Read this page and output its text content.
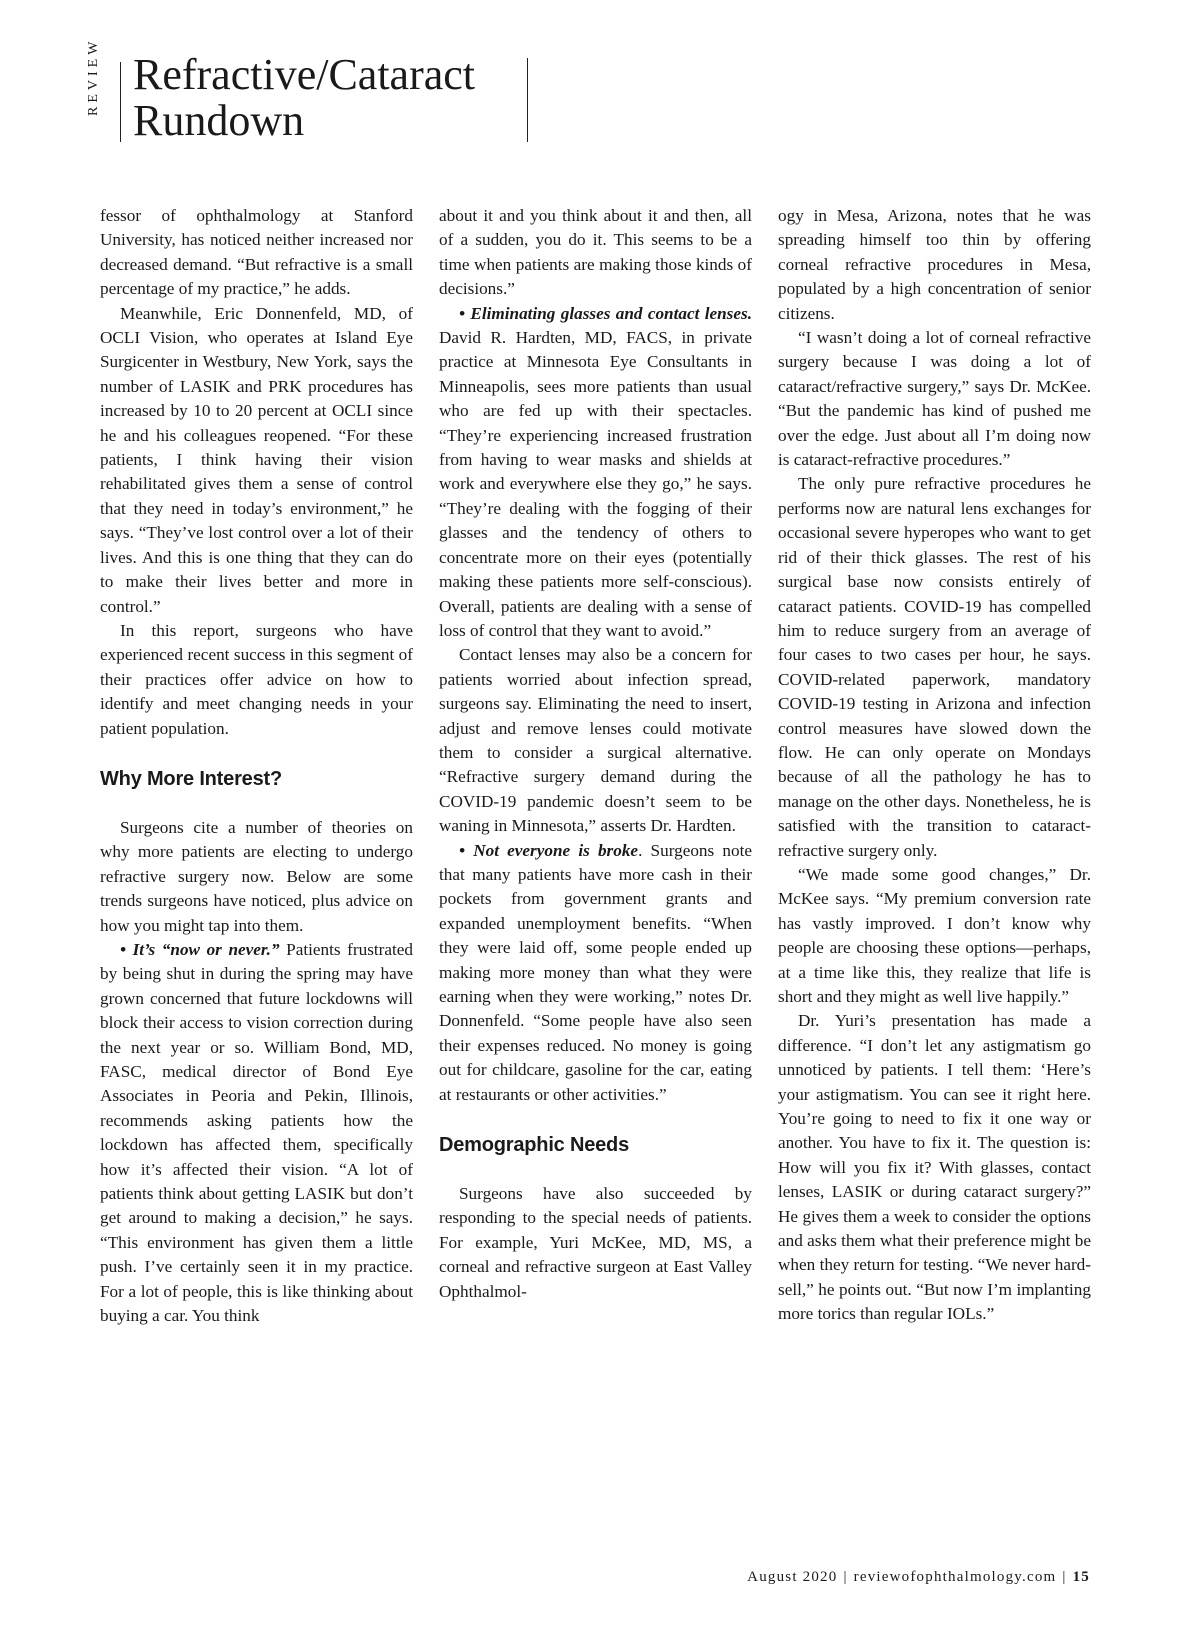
REVIEW Refractive/Cataract
Rundown

fessor of ophthalmology at Stanford University, has noticed neither increased nor decreased demand. “But refractive is a small percentage of my practice,” he adds.

Meanwhile, Eric Donnenfeld, MD, of OCLI Vision, who operates at Island Eye Surgicenter in Westbury, New York, says the number of LASIK and PRK procedures has increased by 10 to 20 percent at OCLI since he and his colleagues reopened. “For these patients, I think having their vision rehabilitated gives them a sense of control that they need in today’s environment,” he says. “They’ve lost control over a lot of their lives. And this is one thing that they can do to make their lives better and more in control.”

In this report, surgeons who have experienced recent success in this segment of their practices offer advice on how to identify and meet changing needs in your patient population.

Why More Interest?

Surgeons cite a number of theories on why more patients are electing to undergo refractive surgery now. Below are some trends surgeons have noticed, plus advice on how you might tap into them.

• It’s “now or never.” Patients frustrated by being shut in during the spring may have grown concerned that future lockdowns will block their access to vision correction during the next year or so. William Bond, MD, FASC, medical director of Bond Eye Associates in Peoria and Pekin, Illinois, recommends asking patients how the lockdown has affected them, specifically how it’s affected their vision. “A lot of patients think about getting LASIK but don’t get around to making a decision,” he says. “This environment has given them a little push. I’ve certainly seen it in my practice. For a lot of people, this is like thinking about buying a car. You think

about it and you think about it and then, all of a sudden, you do it. This seems to be a time when patients are making those kinds of decisions.”

• Eliminating glasses and contact lenses. David R. Hardten, MD, FACS, in private practice at Minnesota Eye Consultants in Minneapolis, sees more patients than usual who are fed up with their spectacles. “They’re experiencing increased frustration from having to wear masks and shields at work and everywhere else they go,” he says. “They’re dealing with the fogging of their glasses and the tendency of others to concentrate more on their eyes (potentially making these patients more self-conscious). Overall, patients are dealing with a sense of loss of control that they want to avoid.”

Contact lenses may also be a concern for patients worried about infection spread, surgeons say. Eliminating the need to insert, adjust and remove lenses could motivate them to consider a surgical alternative. “Refractive surgery demand during the COVID-19 pandemic doesn’t seem to be waning in Minnesota,” asserts Dr. Hardten.

• Not everyone is broke. Surgeons note that many patients have more cash in their pockets from government grants and expanded unemployment benefits. “When they were laid off, some people ended up making more money than what they were earning when they were working,” notes Dr. Donnenfeld. “Some people have also seen their expenses reduced. No money is going out for childcare, gasoline for the car, eating at restaurants or other activities.”

Demographic Needs

Surgeons have also succeeded by responding to the special needs of patients. For example, Yuri McKee, MD, MS, a corneal and refractive surgeon at East Valley Ophthalmol-

ogy in Mesa, Arizona, notes that he was spreading himself too thin by offering corneal refractive procedures in Mesa, populated by a high concentration of senior citizens.

“I wasn’t doing a lot of corneal refractive surgery because I was doing a lot of cataract/refractive surgery,” says Dr. McKee. “But the pandemic has kind of pushed me over the edge. Just about all I’m doing now is cataract-refractive procedures.”

The only pure refractive procedures he performs now are natural lens exchanges for occasional severe hyperopes who want to get rid of their thick glasses. The rest of his surgical base now consists entirely of cataract patients. COVID-19 has compelled him to reduce surgery from an average of four cases to two cases per hour, he says. COVID-related paperwork, mandatory COVID-19 testing in Arizona and infection control measures have slowed down the flow. He can only operate on Mondays because of all the pathology he has to manage on the other days. Nonetheless, he is satisfied with the transition to cataract-refractive surgery only.

“We made some good changes,” Dr. McKee says. “My premium conversion rate has vastly improved. I don’t know why people are choosing these options—perhaps, at a time like this, they realize that life is short and they might as well live happily.”

Dr. Yuri’s presentation has made a difference. “I don’t let any astigmatism go unnoticed by patients. I tell them: ‘Here’s your astigmatism. You can see it right here. You’re going to need to fix it one way or another. You have to fix it. The question is: How will you fix it? With glasses, contact lenses, LASIK or during cataract surgery?” He gives them a week to consider the options and asks them what their preference might be when they return for testing. “We never hard-sell,” he points out. “But now I’m implanting more torics than regular IOLs.”

August 2020 | reviewofophthalmology.com | 15
